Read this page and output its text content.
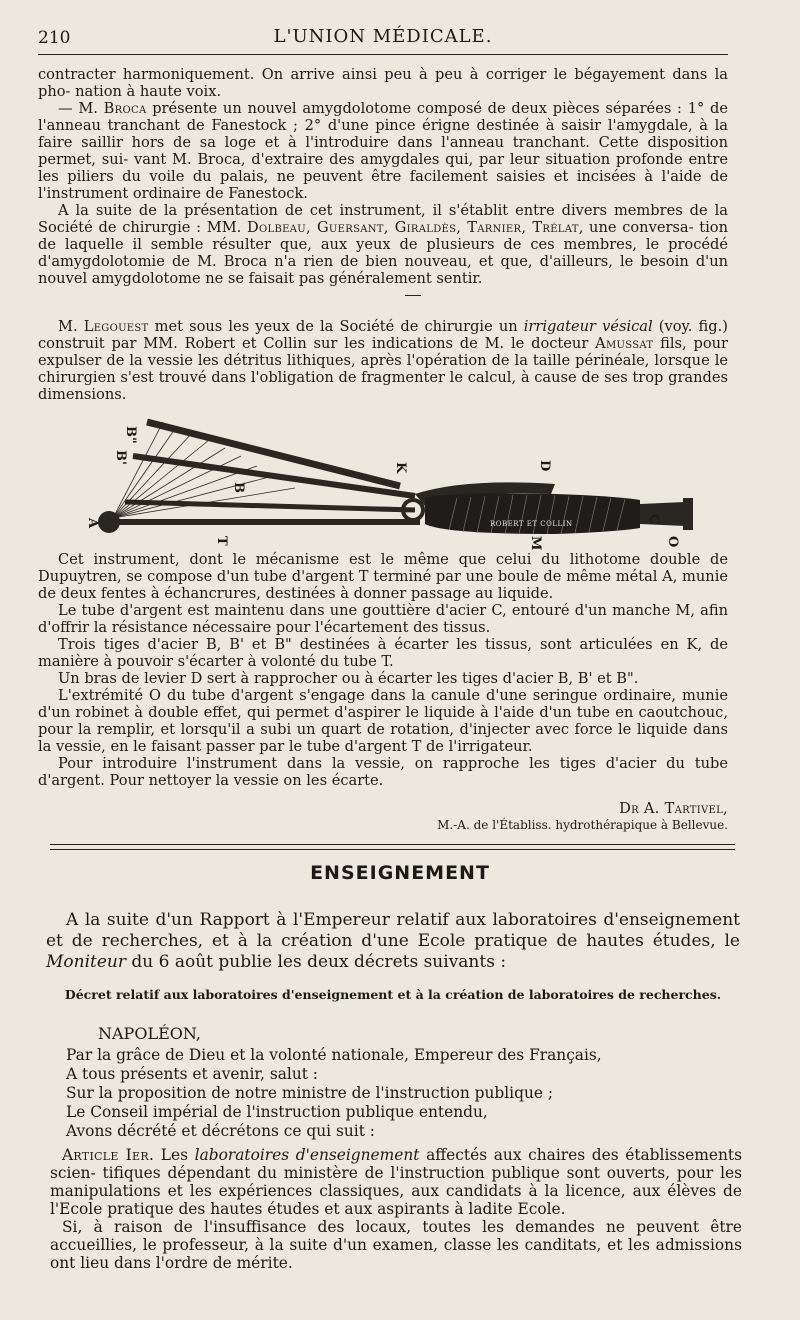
210	L'UNION MÉDICALE.

contracter harmoniquement. On arrive ainsi peu à peu à corriger le bégayement dans la pho- nation à haute voix.

— M. Broca présente un nouvel amygdolotome composé de deux pièces séparées : 1° de l'anneau tranchant de Fanestock ; 2° d'une pince érigne destinée à saisir l'amygdale, à la faire saillir hors de sa loge et à l'introduire dans l'anneau tranchant. Cette disposition permet, sui- vant M. Broca, d'extraire des amygdales qui, par leur situation profonde entre les piliers du voile du palais, ne peuvent être facilement saisies et incisées à l'aide de l'instrument ordinaire de Fanestock.

A la suite de la présentation de cet instrument, il s'établit entre divers membres de la Société de chirurgie : MM. Dolbeau, Guersant, Giraldès, Tarnier, Trélat, une conversa- tion de laquelle il semble résulter que, aux yeux de plusieurs de ces membres, le procédé d'amygdolotomie de M. Broca n'a rien de bien nouveau, et que, d'ailleurs, le besoin d'un nouvel amygdolotome ne se faisait pas généralement sentir.

M. Legouest met sous les yeux de la Société de chirurgie un irrigateur vésical (voy. fig.) construit par MM. Robert et Collin sur les indications de M. le docteur Amussat fils, pour expulser de la vessie les détritus lithiques, après l'opération de la taille périnéale, lorsque le chirurgien s'est trouvé dans l'obligation de fragmenter le calcul, à cause de ses trop grandes dimensions.

ROBERT ET COLLIN
B"
B'
B
A
T
K	D
M
C
O

Cet instrument, dont le mécanisme est le même que celui du lithotome double de Dupuytren, se compose d'un tube d'argent T terminé par une boule de même métal A, munie de deux fentes à échancrures, destinées à donner passage au liquide.

Le tube d'argent est maintenu dans une gouttière d'acier C, entouré d'un manche M, afin d'offrir la résistance nécessaire pour l'écartement des tissus.

Trois tiges d'acier B, B' et B" destinées à écarter les tissus, sont articulées en K, de manière à pouvoir s'écarter à volonté du tube T.

Un bras de levier D sert à rapprocher ou à écarter les tiges d'acier B, B' et B".

L'extrémité O du tube d'argent s'engage dans la canule d'une seringue ordinaire, munie d'un robinet à double effet, qui permet d'aspirer le liquide à l'aide d'un tube en caoutchouc, pour la remplir, et lorsqu'il a subi un quart de rotation, d'injecter avec force le liquide dans la vessie, en le faisant passer par le tube d'argent T de l'irrigateur.

Pour introduire l'instrument dans la vessie, on rapproche les tiges d'acier du tube d'argent. Pour nettoyer la vessie on les écarte.

Dr A. Tartivel,
M.-A. de l'Établiss. hydrothérapique à Bellevue.
ENSEIGNEMENT

A la suite d'un Rapport à l'Empereur relatif aux laboratoires d'enseignement et de recherches, et à la création d'une Ecole pratique de hautes études, le Moniteur du 6 août publie les deux décrets suivants :

Décret relatif aux laboratoires d'enseignement et à la création de laboratoires de recherches.
NAPOLÉON,

Par la grâce de Dieu et la volonté nationale, Empereur des Français,

A tous présents et avenir, salut :

Sur la proposition de notre ministre de l'instruction publique ;

Le Conseil impérial de l'instruction publique entendu,

Avons décrété et décrétons ce qui suit :

Article Ier. Les laboratoires d'enseignement affectés aux chaires des établissements scien- tifiques dépendant du ministère de l'instruction publique sont ouverts, pour les manipulations et les expériences classiques, aux candidats à la licence, aux élèves de l'Ecole pratique des hautes études et aux aspirants à ladite Ecole.

Si, à raison de l'insuffisance des locaux, toutes les demandes ne peuvent être accueillies, le professeur, à la suite d'un examen, classe les canditats, et les admissions ont lieu dans l'ordre de mérite.
